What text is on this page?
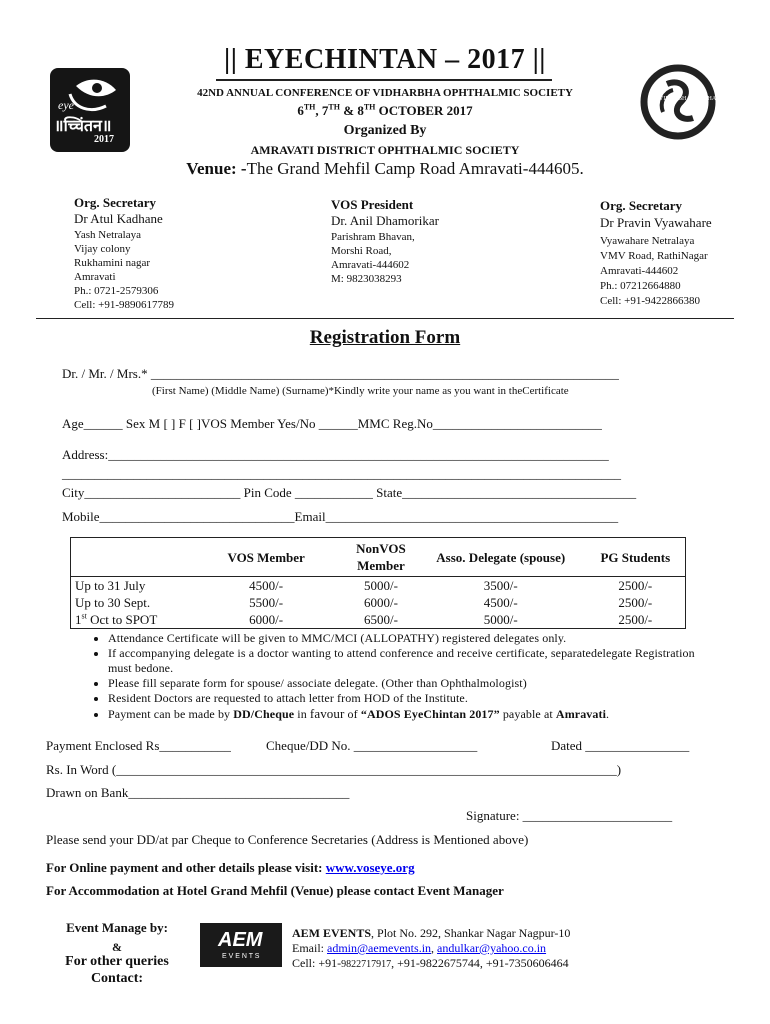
eye
॥च्चिंतन॥
2017
|| EYECHINTAN – 2017 ||
42ND ANNUAL CONFERENCE OF VIDHARBHA OPHTHALMIC SOCIETY
6TH, 7TH & 8TH OCTOBER 2017
Organized By
AMRAVATI DISTRICT OPHTHALMIC SOCIETY
Venue: -The Grand Mehfil Camp Road Amravati-444605.
VIDARBHA OPHTHALMIC SOCIETY
Org. Secretary
Dr Atul Kadhane
Yash Netralaya
Vijay colony
Rukhamini nagar
Amravati
Ph.: 0721-2579306
Cell: +91-9890617789
VOS President
Dr. Anil Dhamorikar
Parishram Bhavan,
Morshi Road,
Amravati-444602
M: 9823038293
Org. Secretary
Dr Pravin Vyawahare
Vyawahare Netralaya
VMV Road, RathiNagar
Amravati-444602
Ph.: 07212664880
Cell: +91-9422866380
Registration Form
Dr. / Mr. / Mrs.* ________________________________________________________________________
(First Name) (Middle Name) (Surname)*Kindly write your name as you want in theCertificate
Age______ Sex M [ ] F [ ]VOS Member Yes/No ______MMC Reg.No__________________________
Address:_____________________________________________________________________________
______________________________________________________________________________________
City________________________ Pin Code ____________ State____________________________________
Mobile______________________________Email_____________________________________________
	VOS Member	NonVOS Member	Asso. Delegate (spouse)	PG Students
Up to 31 July	4500/-	5000/-	3500/-	2500/-
Up to 30 Sept.	5500/-	6000/-	4500/-	2500/-
1st Oct to SPOT	6000/-	6500/-	5000/-	2500/-
• Attendance Certificate will be given to MMC/MCI (ALLOPATHY) registered delegates only.
• If accompanying delegate is a doctor wanting to attend conference and receive certificate, separatedelegate Registration must bedone.
• Please fill separate form for spouse/ associate delegate. (Other than Ophthalmologist)
• Resident Doctors are requested to attach letter from HOD of the Institute.
• Payment can be made by DD/Cheque in favour of “ADOS EyeChintan 2017” payable at Amravati.
Payment Enclosed Rs___________	Cheque/DD No. ___________________	Dated ________________
Rs. In Word (_____________________________________________________________________________)
Drawn on Bank__________________________________
Signature: _______________________
Please send your DD/at par Cheque to Conference Secretaries (Address is Mentioned above)
For Online payment and other details please visit: www.voseye.org
For Accommodation at Hotel Grand Mehfil (Venue) please contact Event Manager
Event Manage by:
&
For other queries
Contact:
AEM
E V E N T S
AEM EVENTS, Plot No. 292, Shankar Nagar Nagpur-10
Email: admin@aemevents.in, andulkar@yahoo.co.in
Cell: +91-9822717917, +91-9822675744, +91-7350606464
